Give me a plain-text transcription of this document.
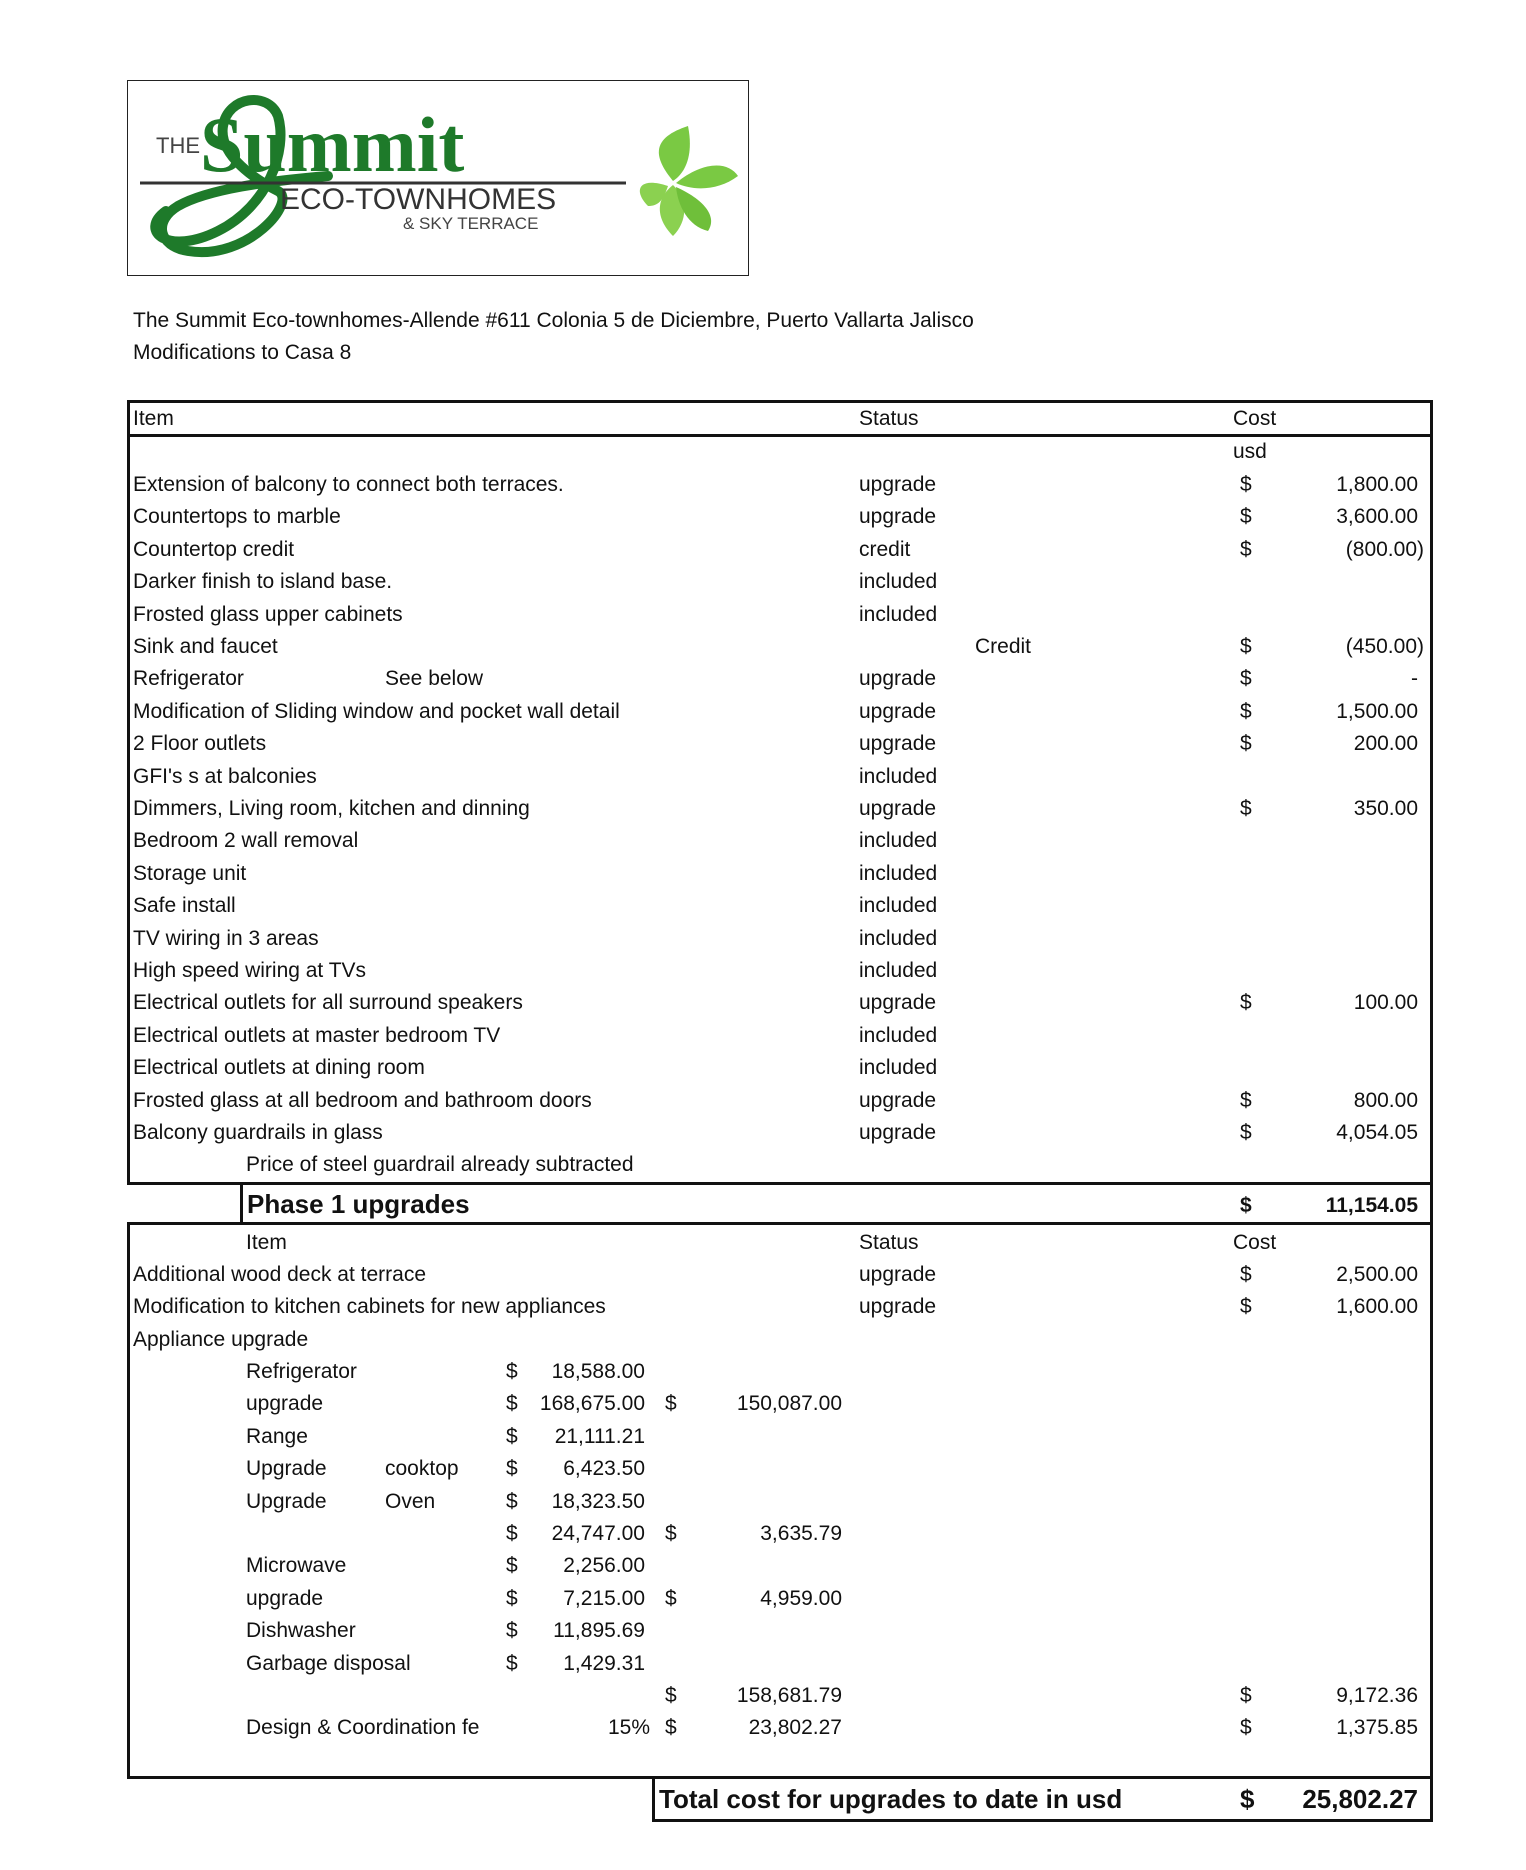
THE Summit
ECO-TOWNHOMES
& SKY TERRACE
The Summit Eco-townhomes-Allende #611 Colonia 5 de Diciembre, Puerto Vallarta Jalisco
Modifications to Casa 8
Item	Status	Cost
usd
Extension of balcony to connect both terraces.	upgrade	$	1,800.00
Countertops to marble	upgrade	$	3,600.00
Countertop credit	credit	$	(800.00)
Darker finish to island base.	included
Frosted glass upper cabinets	included
Sink and faucet	Credit	$	(450.00)
Refrigerator	See below	upgrade	$	-
Modification of Sliding window and pocket wall detail	upgrade	$	1,500.00
2 Floor outlets	upgrade	$	200.00
GFI's s at balconies	included
Dimmers, Living room, kitchen and dinning	upgrade	$	350.00
Bedroom 2 wall removal	included
Storage unit	included
Safe install	included
TV wiring in 3 areas	included
High speed wiring at TVs	included
Electrical outlets for all surround speakers	upgrade	$	100.00
Electrical outlets at master bedroom TV	included
Electrical outlets at dining room	included
Frosted glass at all bedroom and bathroom doors	upgrade	$	800.00
Balcony guardrails in glass	upgrade	$	4,054.05
Price of steel guardrail already subtracted
Phase 1 upgrades	$	11,154.05
Item	Status	Cost
Additional wood deck at terrace	upgrade	$	2,500.00
Modification to kitchen cabinets for new appliances	upgrade	$	1,600.00
Appliance upgrade
Refrigerator	$	18,588.00
upgrade	$	168,675.00 $	150,087.00
Range	$	21,111.21
Upgrade	cooktop $	6,423.50
Upgrade	Oven	$	18,323.50
$	24,747.00 $	3,635.79
Microwave	$	2,256.00
upgrade	$	7,215.00 $	4,959.00
Dishwasher	$	11,895.69
Garbage disposal	$	1,429.31
$	158,681.79	$	9,172.36
Design & Coordination fe	15% $	23,802.27	$	1,375.85
Total cost for upgrades to date in usd	$	25,802.27
